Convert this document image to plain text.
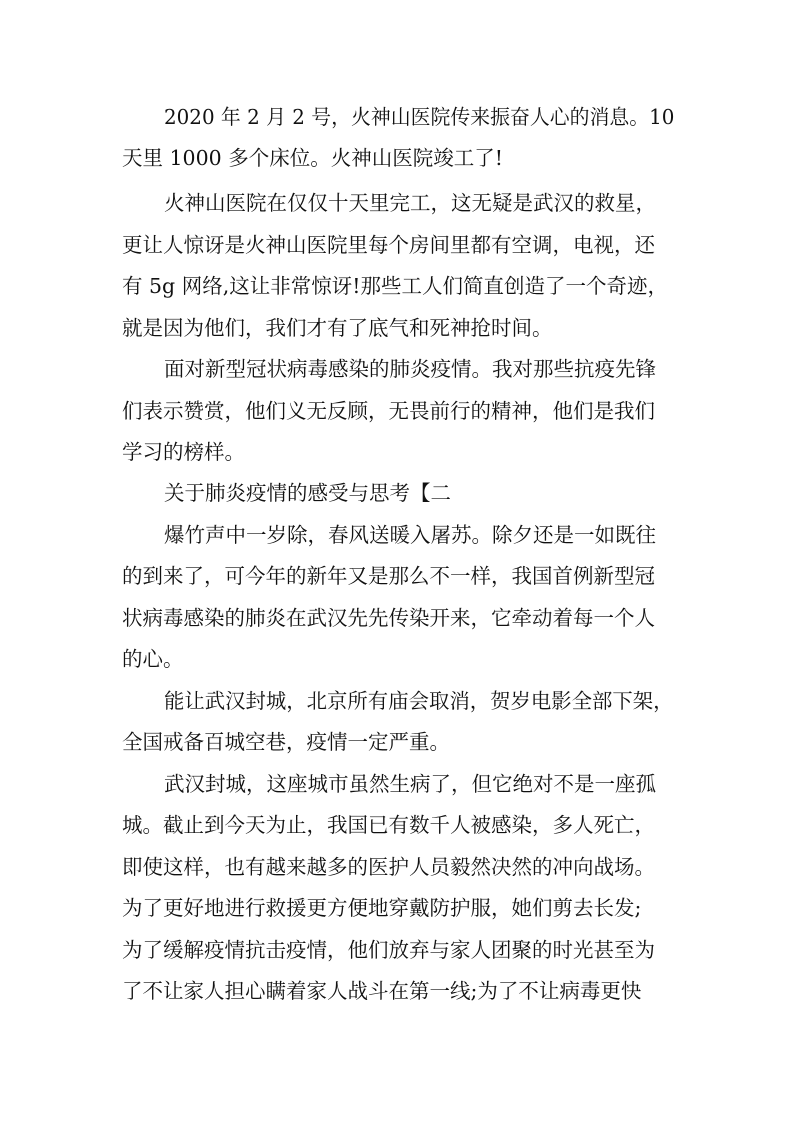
2020 年 2 月 2 号，火神山医院传来振奋人心的消息。10
天里 1000 多个床位。火神山医院竣工了!
火神山医院在仅仅十天里完工，这无疑是武汉的救星，
更让人惊讶是火神山医院里每个房间里都有空调，电视，还
有 5g 网络,这让非常惊讶!那些工人们简直创造了一个奇迹，
就是因为他们，我们才有了底气和死神抢时间。
面对新型冠状病毒感染的肺炎疫情。我对那些抗疫先锋
们表示赞赏，他们义无反顾，无畏前行的精神，他们是我们
学习的榜样。
关于肺炎疫情的感受与思考【二
爆竹声中一岁除，春风送暖入屠苏。除夕还是一如既往
的到来了，可今年的新年又是那么不一样，我国首例新型冠
状病毒感染的肺炎在武汉先先传染开来，它牵动着每一个人
的心。
能让武汉封城，北京所有庙会取消，贺岁电影全部下架，
全国戒备百城空巷，疫情一定严重。
武汉封城，这座城市虽然生病了，但它绝对不是一座孤
城。截止到今天为止，我国已有数千人被感染，多人死亡，
即使这样，也有越来越多的医护人员毅然决然的冲向战场。
为了更好地进行救援更方便地穿戴防护服，她们剪去长发;
为了缓解疫情抗击疫情，他们放弃与家人团聚的时光甚至为
了不让家人担心瞒着家人战斗在第一线;为了不让病毒更快
